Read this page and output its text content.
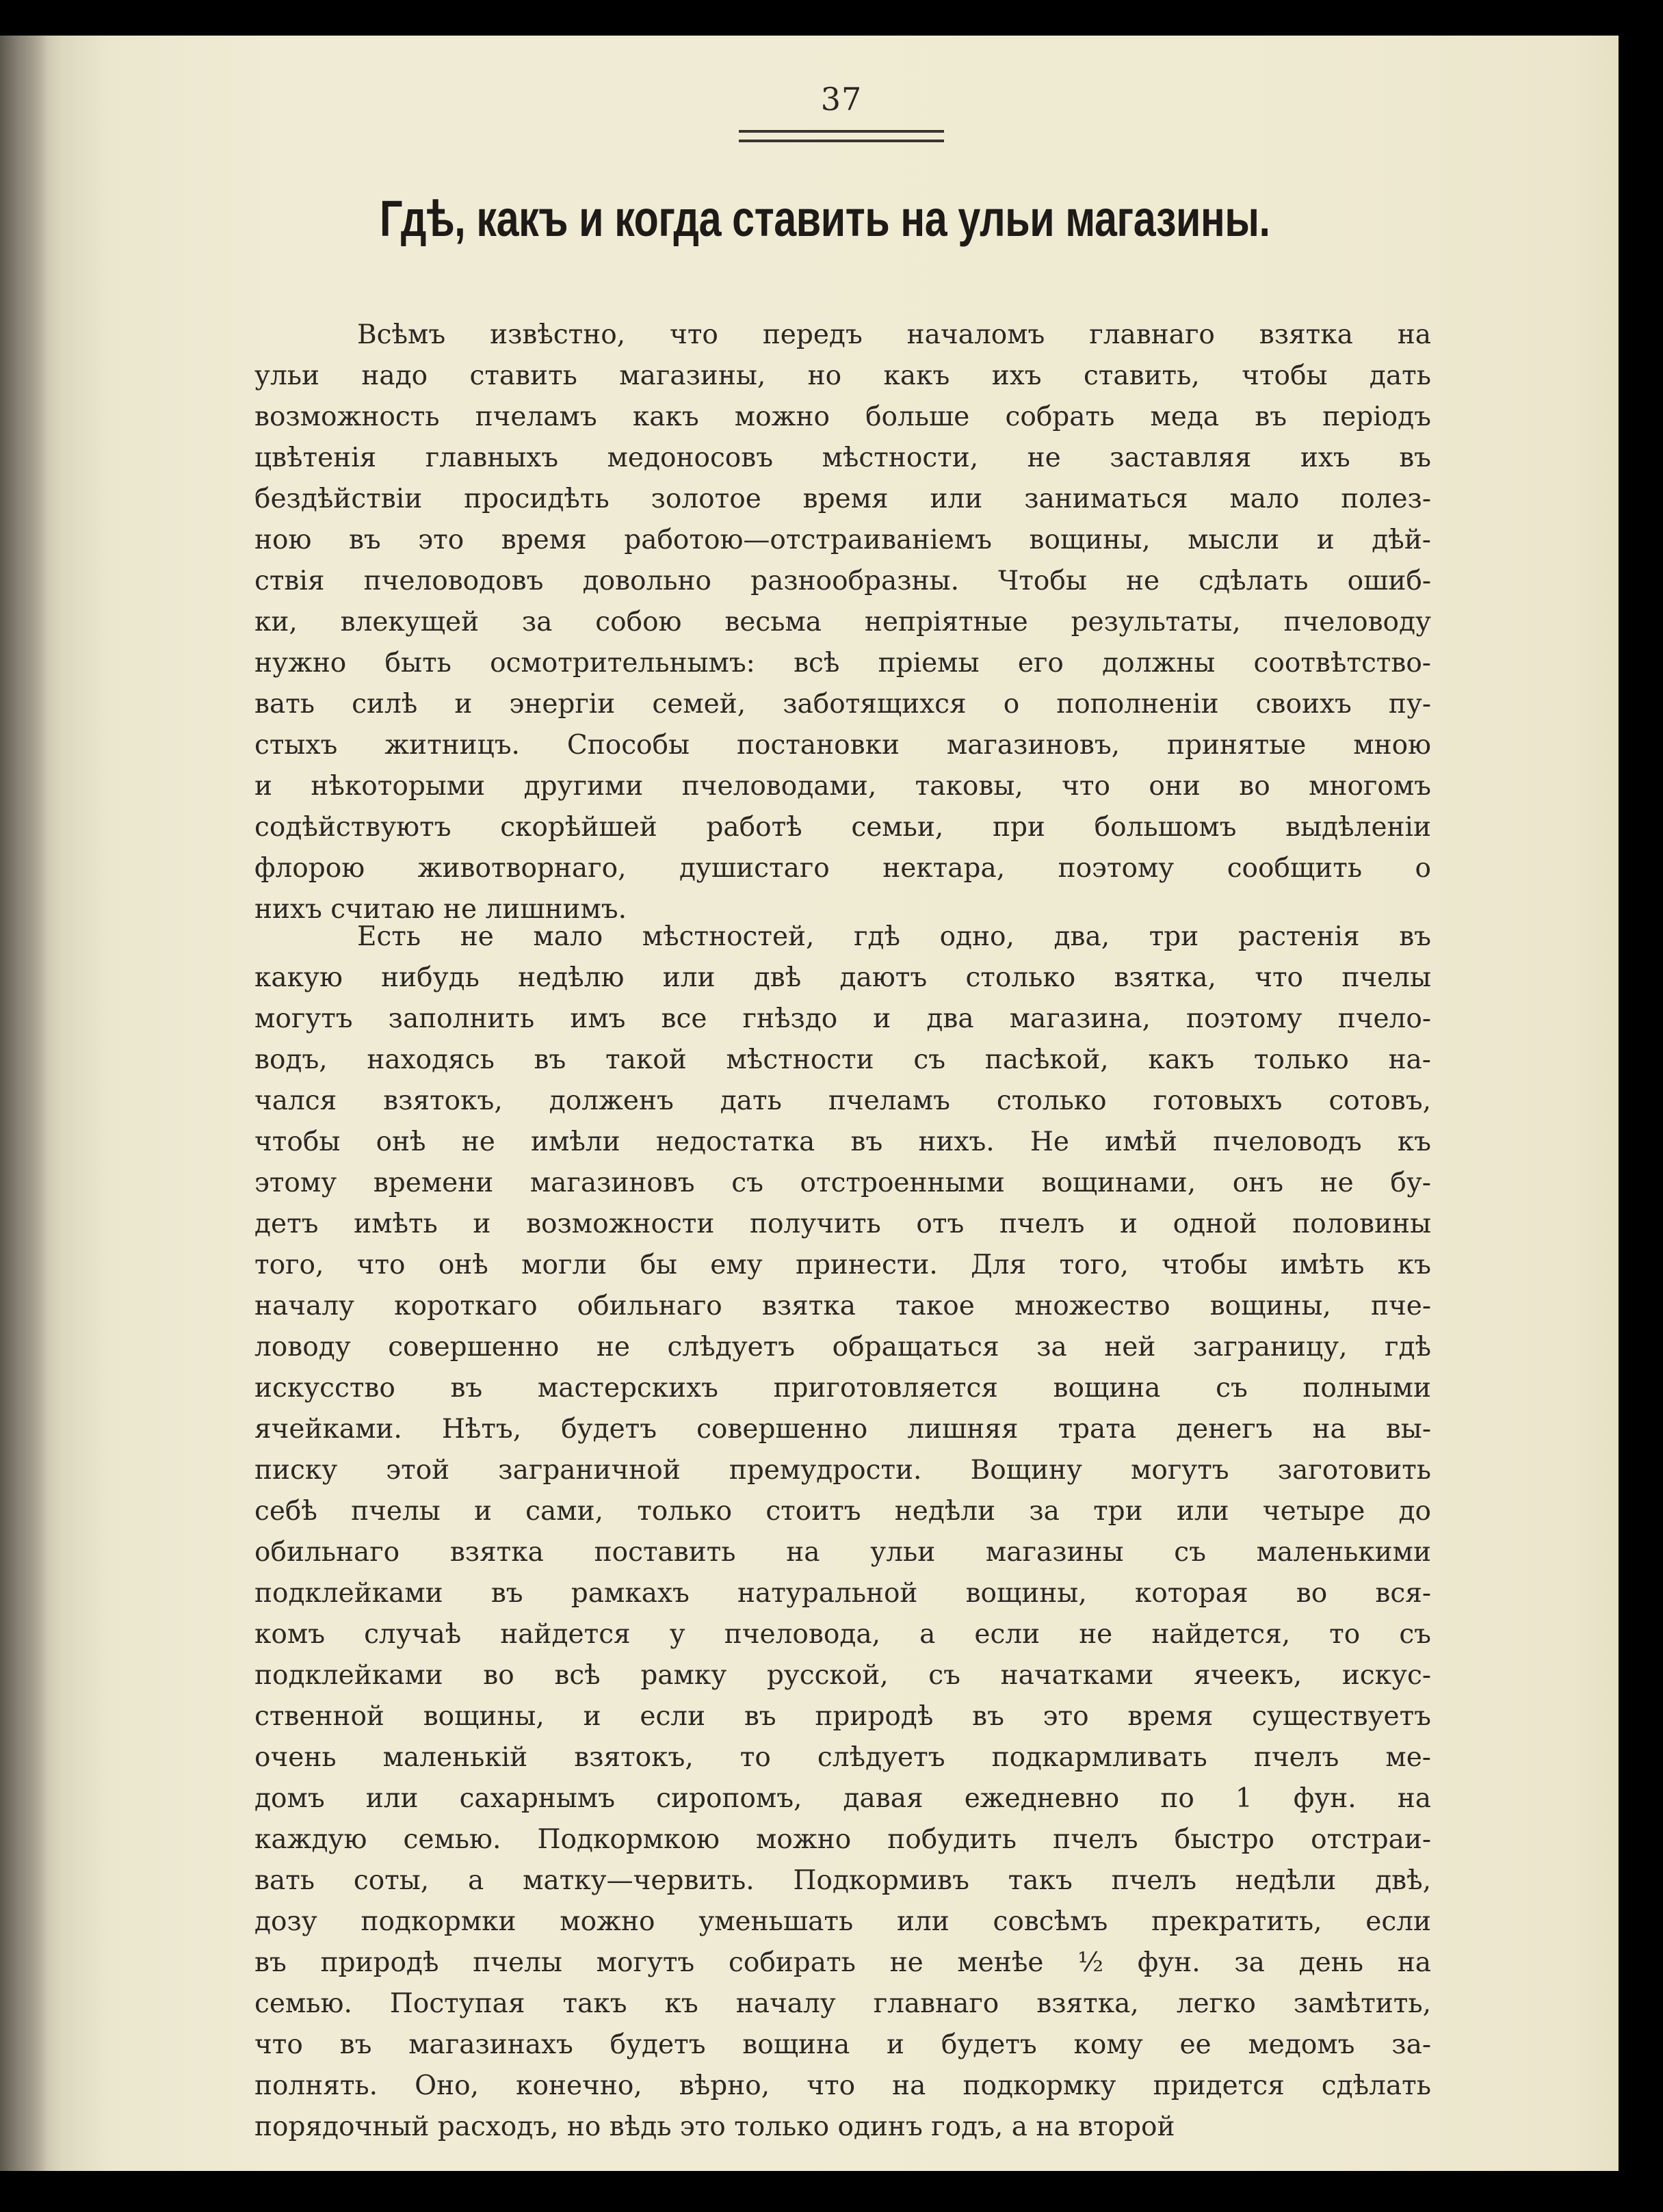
37
Гдѣ, какъ и когда ставить на ульи магазины.
Всѣмъ извѣстно, что передъ началомъ главнаго взятка на
ульи надо ставить магазины, но какъ ихъ ставить, чтобы дать
возможность пчеламъ какъ можно больше собрать меда въ періодъ
цвѣтенія главныхъ медоносовъ мѣстности, не заставляя ихъ въ
бездѣйствіи просидѣть золотое время или заниматься мало полез-
ною въ это время работою—отстраиваніемъ вощины, мысли и дѣй-
ствія пчеловодовъ довольно разнообразны. Чтобы не сдѣлать ошиб-
ки, влекущей за собою весьма непріятные результаты, пчеловоду
нужно быть осмотрительнымъ: всѣ пріемы его должны соотвѣтство-
вать силѣ и энергіи семей, заботящихся о пополненіи своихъ пу-
стыхъ житницъ. Способы постановки магазиновъ, принятые мною
и нѣкоторыми другими пчеловодами, таковы, что они во многомъ
содѣйствуютъ скорѣйшей работѣ семьи, при большомъ выдѣленіи
флорою животворнаго, душистаго нектара, поэтому сообщить о
нихъ считаю не лишнимъ.
Есть не мало мѣстностей, гдѣ одно, два, три растенія въ
какую нибудь недѣлю или двѣ даютъ столько взятка, что пчелы
могутъ заполнить имъ все гнѣздо и два магазина, поэтому пчело-
водъ, находясь въ такой мѣстности съ пасѣкой, какъ только на-
чался взятокъ, долженъ дать пчеламъ столько готовыхъ сотовъ,
чтобы онѣ не имѣли недостатка въ нихъ. Не имѣй пчеловодъ къ
этому времени магазиновъ съ отстроенными вощинами, онъ не бу-
детъ имѣть и возможности получить отъ пчелъ и одной половины
того, что онѣ могли бы ему принести. Для того, чтобы имѣть къ
началу короткаго обильнаго взятка такое множество вощины, пче-
ловоду совершенно не слѣдуетъ обращаться за ней заграницу, гдѣ
искусство въ мастерскихъ приготовляется вощина съ полными
ячейками. Нѣтъ, будетъ совершенно лишняя трата денегъ на вы-
писку этой заграничной премудрости. Вощину могутъ заготовить
себѣ пчелы и сами, только стоитъ недѣли за три или четыре до
обильнаго взятка поставить на ульи магазины съ маленькими
подклейками въ рамкахъ натуральной вощины, которая во вся-
комъ случаѣ найдется у пчеловода, а если не найдется, то съ
подклейками во всѣ рамку русской, съ начатками ячеекъ, искус-
ственной вощины, и если въ природѣ въ это время существуетъ
очень маленькій взятокъ, то слѣдуетъ подкармливать пчелъ ме-
домъ или сахарнымъ сиропомъ, давая ежедневно по 1 фун. на
каждую семью. Подкормкою можно побудить пчелъ быстро отстраи-
вать соты, а матку—червить. Подкормивъ такъ пчелъ недѣли двѣ,
дозу подкормки можно уменьшать или совсѣмъ прекратить, если
въ природѣ пчелы могутъ собирать не менѣе ½ фун. за день на
семью. Поступая такъ къ началу главнаго взятка, легко замѣтить,
что въ магазинахъ будетъ вощина и будетъ кому ее медомъ за-
полнять. Оно, конечно, вѣрно, что на подкормку придется сдѣлать
порядочный расходъ, но вѣдь это только одинъ годъ, а на второй
